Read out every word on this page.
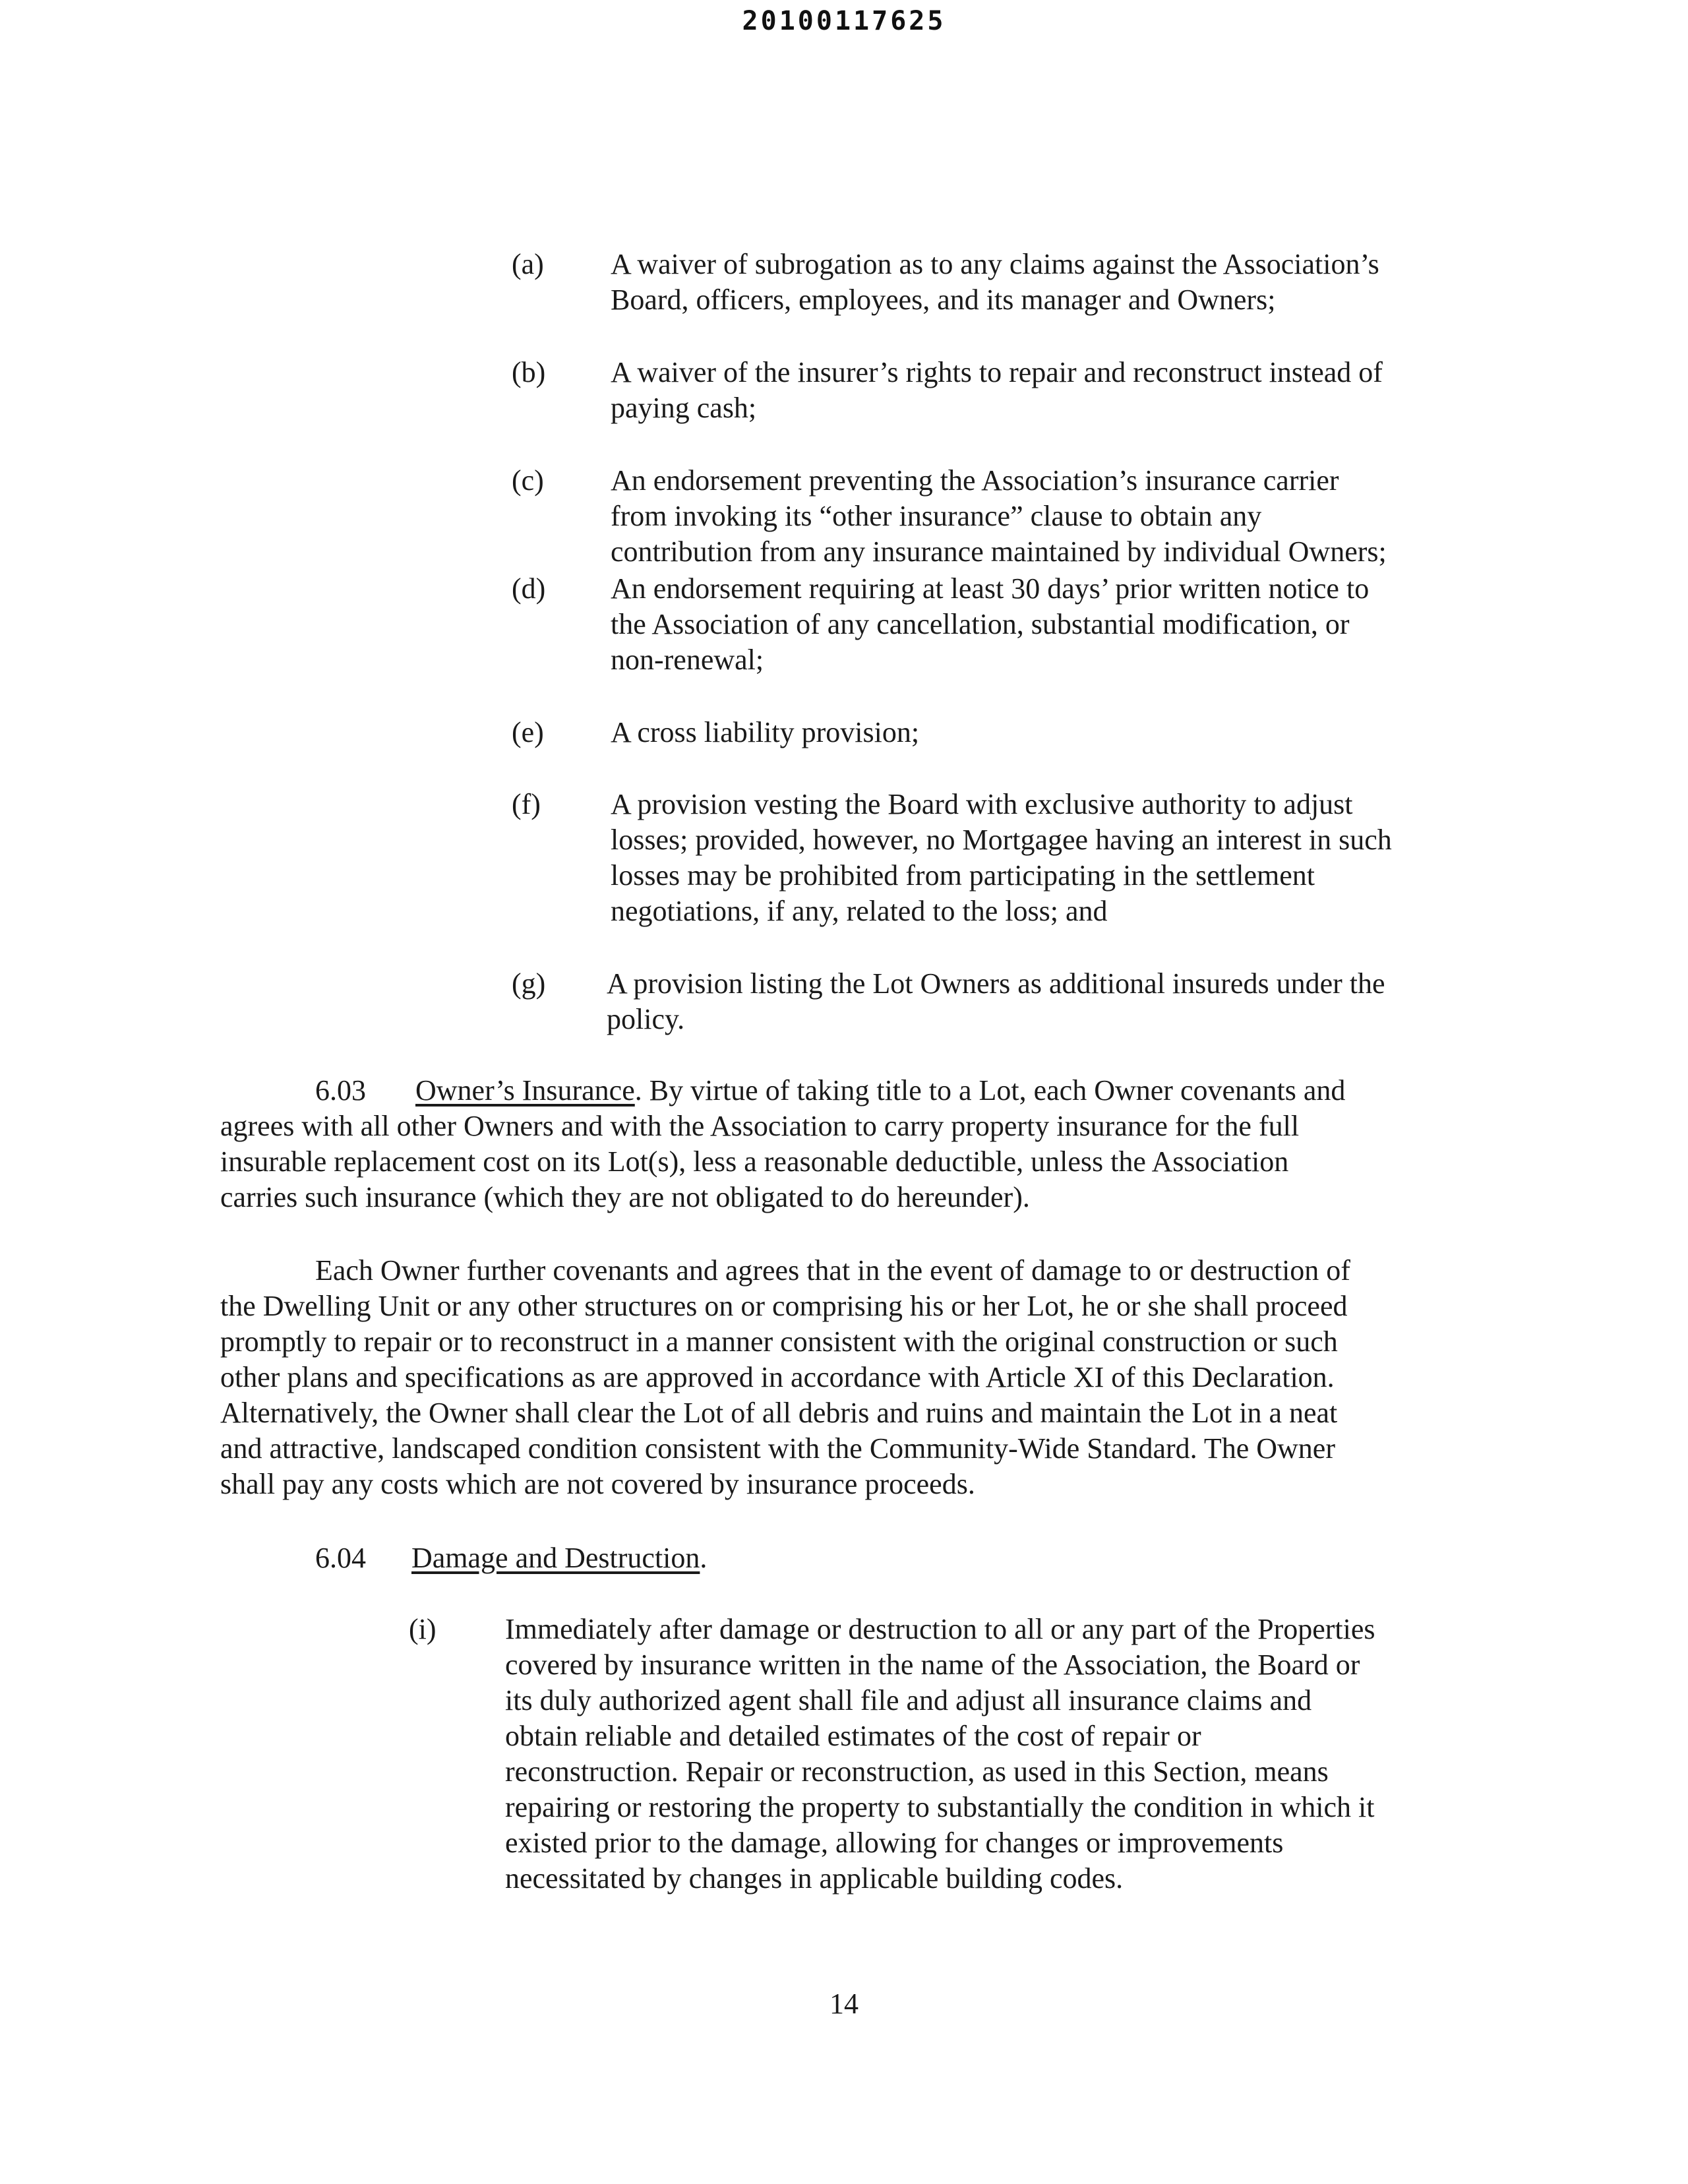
20100117625
(a)	A waiver of subrogation as to any claims against the Association’s
Board, officers, employees, and its manager and Owners;
(b)	A waiver of the insurer’s rights to repair and reconstruct instead of
paying cash;
(c)	An endorsement preventing the Association’s insurance carrier
from invoking its “other insurance” clause to obtain any
contribution from any insurance maintained by individual Owners;
(d)	An endorsement requiring at least 30 days’ prior written notice to
the Association of any cancellation, substantial modification, or
non-renewal;
(e)	A cross liability provision;
(f)	A provision vesting the Board with exclusive authority to adjust
losses; provided, however, no Mortgagee having an interest in such
losses may be prohibited from participating in the settlement
negotiations, if any, related to the loss; and
(g)	A provision listing the Lot Owners as additional insureds under the
policy.
6.03 Owner’s Insurance. By virtue of taking title to a Lot, each Owner covenants and
agrees with all other Owners and with the Association to carry property insurance for the full
insurable replacement cost on its Lot(s), less a reasonable deductible, unless the Association
carries such insurance (which they are not obligated to do hereunder).
Each Owner further covenants and agrees that in the event of damage to or destruction of
the Dwelling Unit or any other structures on or comprising his or her Lot, he or she shall proceed
promptly to repair or to reconstruct in a manner consistent with the original construction or such
other plans and specifications as are approved in accordance with Article XI of this Declaration.
Alternatively, the Owner shall clear the Lot of all debris and ruins and maintain the Lot in a neat
and attractive, landscaped condition consistent with the Community-Wide Standard. The Owner
shall pay any costs which are not covered by insurance proceeds.
6.04 Damage and Destruction.
(i)	Immediately after damage or destruction to all or any part of the Properties
covered by insurance written in the name of the Association, the Board or
its duly authorized agent shall file and adjust all insurance claims and
obtain reliable and detailed estimates of the cost of repair or
reconstruction. Repair or reconstruction, as used in this Section, means
repairing or restoring the property to substantially the condition in which it
existed prior to the damage, allowing for changes or improvements
necessitated by changes in applicable building codes.
14
